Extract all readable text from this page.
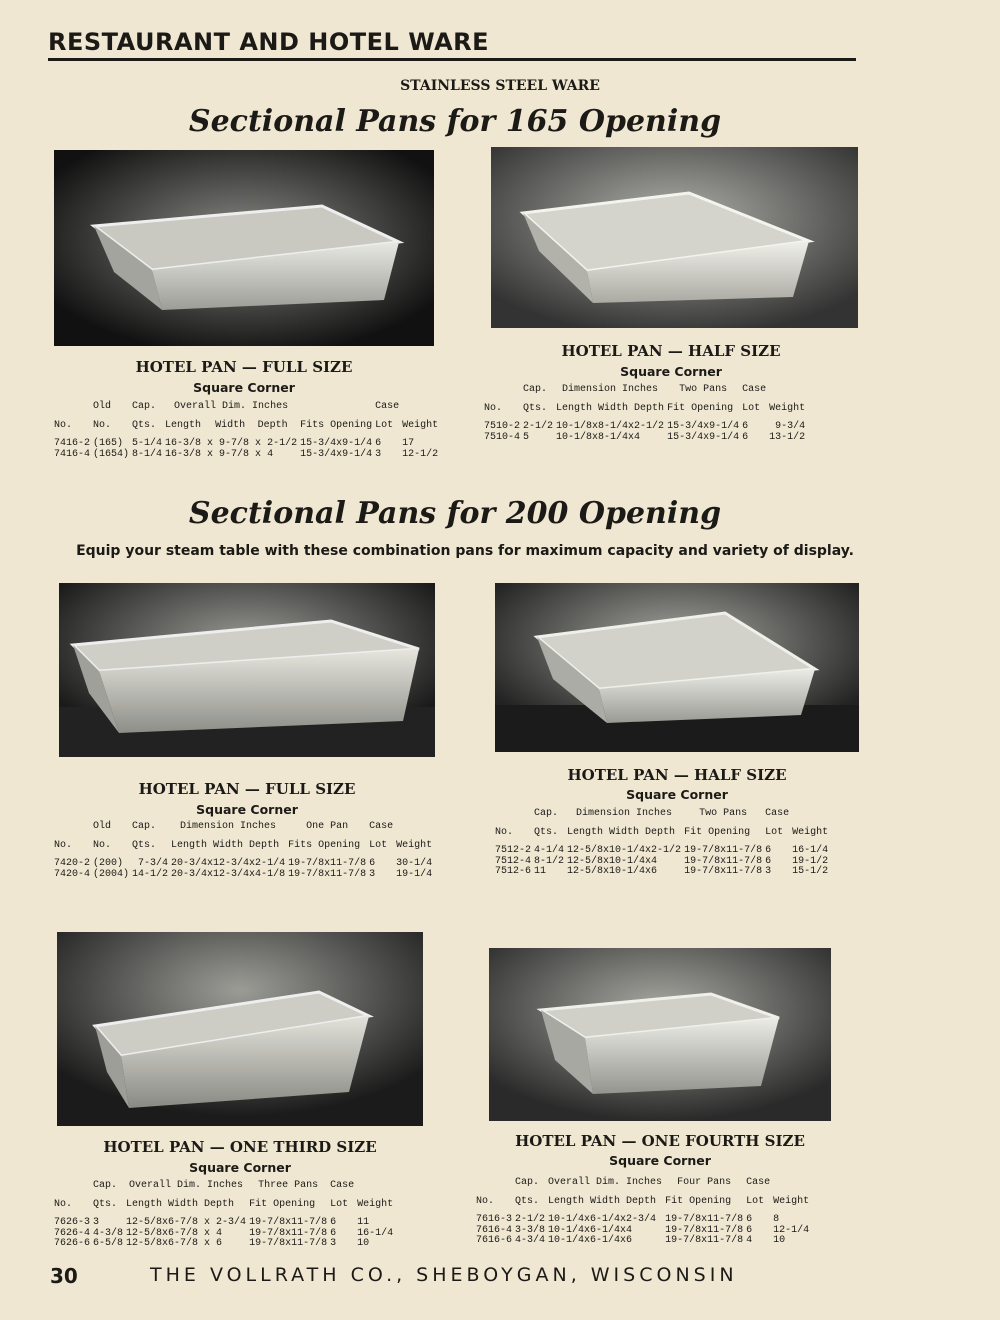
RESTAURANT AND HOTEL WARE
STAINLESS STEEL WARE
Sectional Pans for 165 Opening
HOTEL PAN — FULL SIZE
Square Corner
	Old	Cap.	Overall Dim. Inches				Case	
No.	No.	Qts.	Length	Width	Depth	Fits Opening	Lot	Weight
7416-2	(165)	5-1/4	16-3/8 x 9-7/8 x 2-1/2			15-3/4x9-1/4	6	17
7416-4	(1654)	8-1/4	16-3/8 x 9-7/8 x 4			15-3/4x9-1/4	3	12-1/2
HOTEL PAN — HALF SIZE
Square Corner
	Cap.	Dimension Inches	Two Pans	Case	
No.	Qts.	Length Width Depth	Fit Opening	Lot	Weight
7510-2	2-1/2	10-1/8x8-1/4x2-1/2	15-3/4x9-1/4	6	9-3/4
7510-4	5	10-1/8x8-1/4x4	15-3/4x9-1/4	6	13-1/2
Sectional Pans for 200 Opening
Equip your steam table with these combination pans for maximum capacity and variety of display.
HOTEL PAN — FULL SIZE
Square Corner
	Old	Cap.	Dimension Inches	One Pan	Case	
No.	No.	Qts.	Length Width Depth	Fits Opening	Lot	Weight
7420-2	(200)	7-3/4	20-3/4x12-3/4x2-1/4	19-7/8x11-7/8	6	30-1/4
7420-4	(2004)	14-1/2	20-3/4x12-3/4x4-1/8	19-7/8x11-7/8	3	19-1/4
HOTEL PAN — HALF SIZE
Square Corner
	Cap.	Dimension Inches	Two Pans	Case	
No.	Qts.	Length Width Depth	Fit Opening	Lot	Weight
7512-2	4-1/4	12-5/8x10-1/4x2-1/2	19-7/8x11-7/8	6	16-1/4
7512-4	8-1/2	12-5/8x10-1/4x4	19-7/8x11-7/8	6	19-1/2
7512-6	11	12-5/8x10-1/4x6	19-7/8x11-7/8	3	15-1/2
HOTEL PAN — ONE THIRD SIZE
Square Corner
	Cap.	Overall Dim. Inches	Three Pans	Case	
No.	Qts.	Length Width Depth	Fit Opening	Lot	Weight
7626-3	3	12-5/8x6-7/8 x 2-3/4	19-7/8x11-7/8	6	11
7626-4	4-3/8	12-5/8x6-7/8 x 4	19-7/8x11-7/8	6	16-1/4
7626-6	6-5/8	12-5/8x6-7/8 x 6	19-7/8x11-7/8	3	10
HOTEL PAN — ONE FOURTH SIZE
Square Corner
	Cap.	Overall Dim. Inches	Four Pans	Case	
No.	Qts.	Length Width Depth	Fit Opening	Lot	Weight
7616-3	2-1/2	10-1/4x6-1/4x2-3/4	19-7/8x11-7/8	6	8
7616-4	3-3/8	10-1/4x6-1/4x4	19-7/8x11-7/8	6	12-1/4
7616-6	4-3/4	10-1/4x6-1/4x6	19-7/8x11-7/8	4	10
30	THE VOLLRATH CO., SHEBOYGAN, WISCONSIN
